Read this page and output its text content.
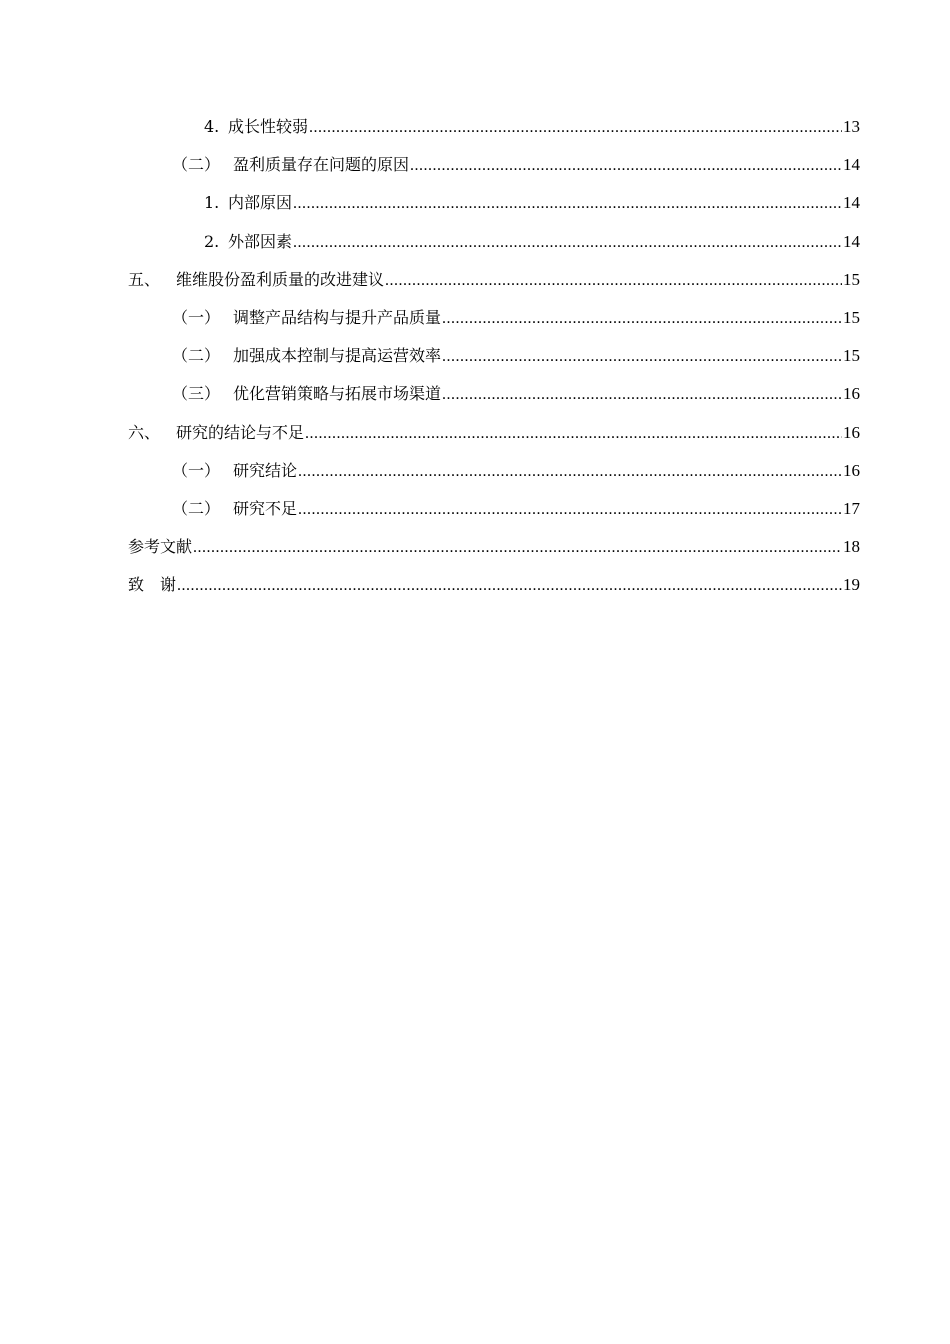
4. 成长性较弱 .....	13
（二） 盈利质量存在问题的原因 .....	14
1. 内部原因 .....	14
2. 外部因素 .....	14
五、 维维股份盈利质量的改进建议 .....	15
（一） 调整产品结构与提升产品质量 .....	15
（二） 加强成本控制与提高运营效率 .....	15
（三） 优化营销策略与拓展市场渠道 .....	16
六、 研究的结论与不足 .....	16
（一） 研究结论 .....	16
（二） 研究不足 .....	17
参考文献 .....	18
致　谢 .....	19
